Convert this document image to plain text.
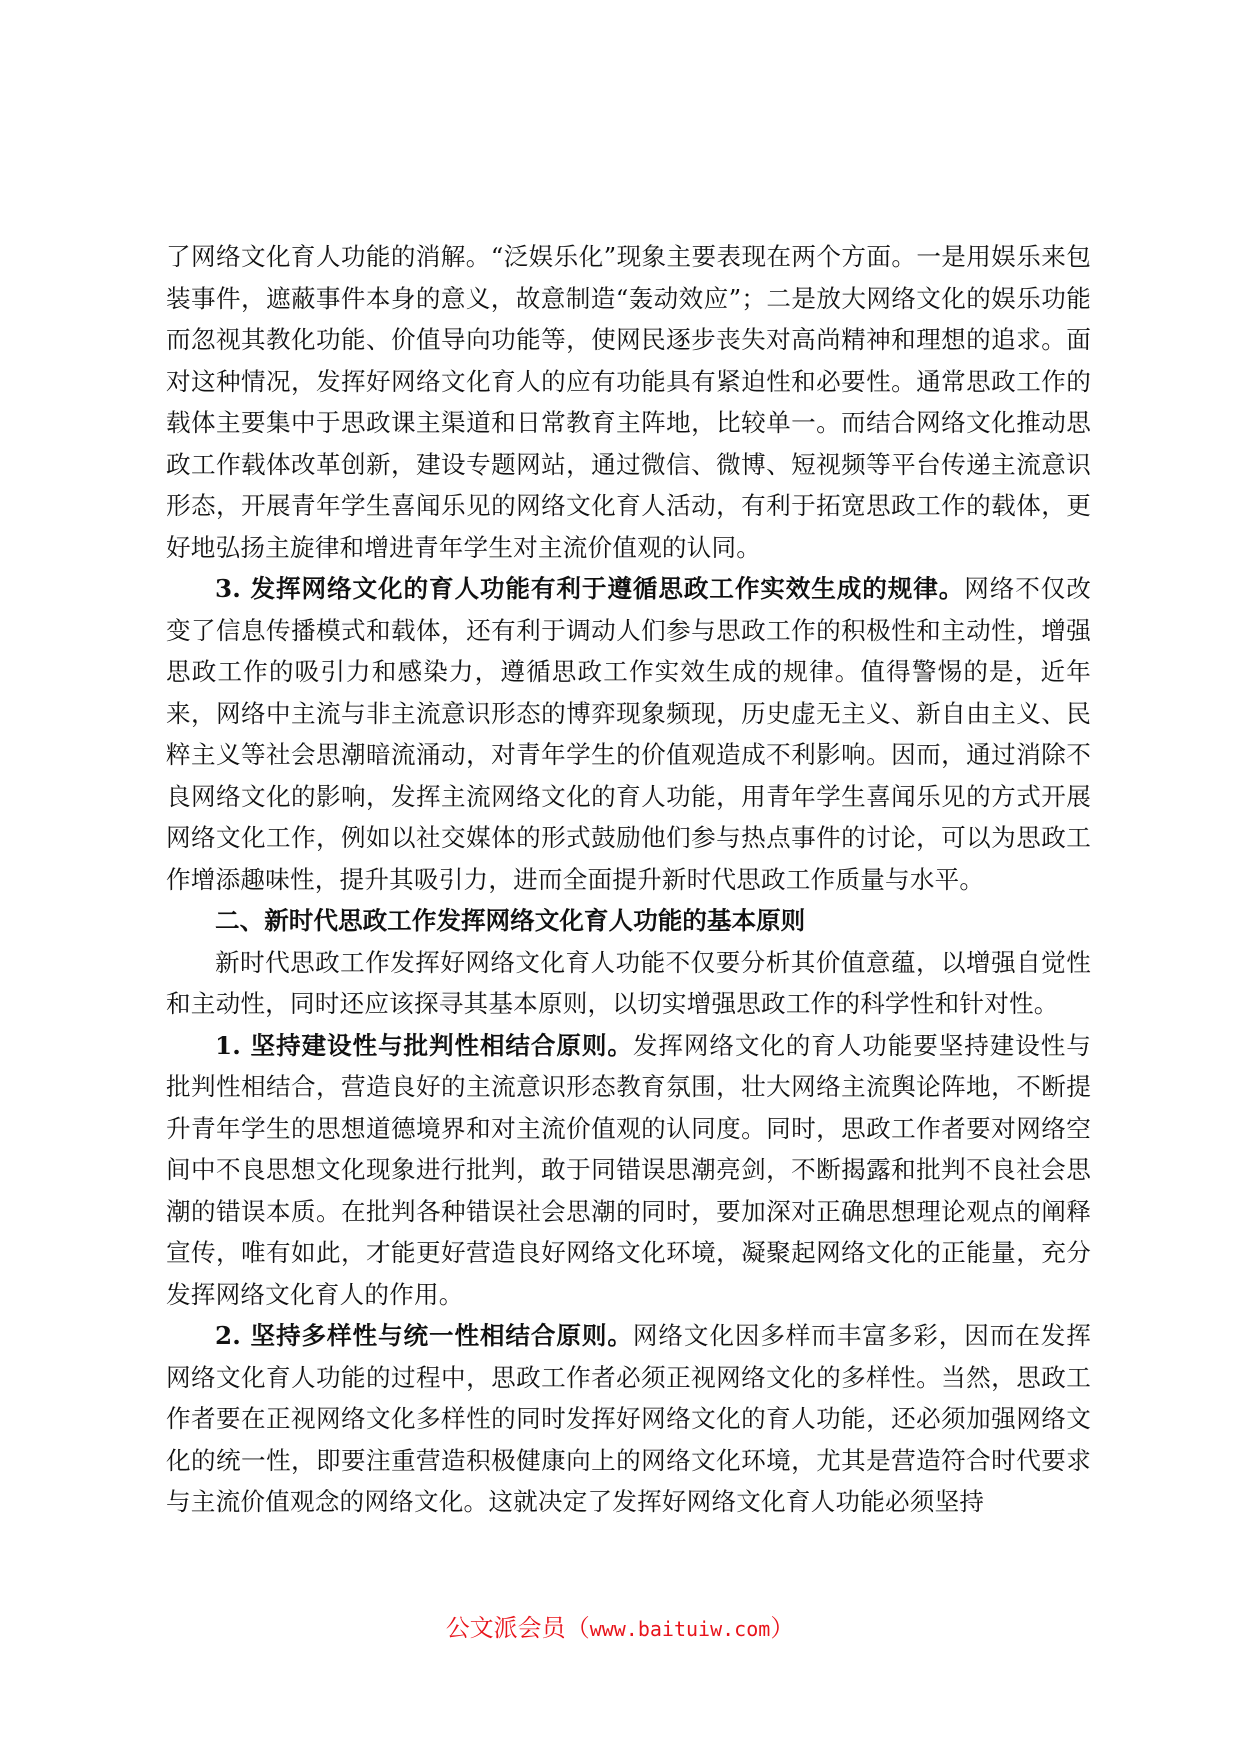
了网络文化育人功能的消解。“泛娱乐化”现象主要表现在两个方面。一是用娱乐来包装事件，遮蔽事件本身的意义，故意制造“轰动效应”；二是放大网络文化的娱乐功能而忽视其教化功能、价值导向功能等，使网民逐步丧失对高尚精神和理想的追求。面对这种情况，发挥好网络文化育人的应有功能具有紧迫性和必要性。通常思政工作的载体主要集中于思政课主渠道和日常教育主阵地，比较单一。而结合网络文化推动思政工作载体改革创新，建设专题网站，通过微信、微博、短视频等平台传递主流意识形态，开展青年学生喜闻乐见的网络文化育人活动，有利于拓宽思政工作的载体，更好地弘扬主旋律和增进青年学生对主流价值观的认同。

3. 发挥网络文化的育人功能有利于遵循思政工作实效生成的规律。网络不仅改变了信息传播模式和载体，还有利于调动人们参与思政工作的积极性和主动性，增强思政工作的吸引力和感染力，遵循思政工作实效生成的规律。值得警惕的是，近年来，网络中主流与非主流意识形态的博弈现象频现，历史虚无主义、新自由主义、民粹主义等社会思潮暗流涌动，对青年学生的价值观造成不利影响。因而，通过消除不良网络文化的影响，发挥主流网络文化的育人功能，用青年学生喜闻乐见的方式开展网络文化工作，例如以社交媒体的形式鼓励他们参与热点事件的讨论，可以为思政工作增添趣味性，提升其吸引力，进而全面提升新时代思政工作质量与水平。

二、新时代思政工作发挥网络文化育人功能的基本原则

新时代思政工作发挥好网络文化育人功能不仅要分析其价值意蕴，以增强自觉性和主动性，同时还应该探寻其基本原则，以切实增强思政工作的科学性和针对性。

1. 坚持建设性与批判性相结合原则。发挥网络文化的育人功能要坚持建设性与批判性相结合，营造良好的主流意识形态教育氛围，壮大网络主流舆论阵地，不断提升青年学生的思想道德境界和对主流价值观的认同度。同时，思政工作者要对网络空间中不良思想文化现象进行批判，敢于同错误思潮亮剑，不断揭露和批判不良社会思潮的错误本质。在批判各种错误社会思潮的同时，要加深对正确思想理论观点的阐释宣传，唯有如此，才能更好营造良好网络文化环境，凝聚起网络文化的正能量，充分发挥网络文化育人的作用。

2. 坚持多样性与统一性相结合原则。网络文化因多样而丰富多彩，因而在发挥网络文化育人功能的过程中，思政工作者必须正视网络文化的多样性。当然，思政工作者要在正视网络文化多样性的同时发挥好网络文化的育人功能，还必须加强网络文化的统一性，即要注重营造积极健康向上的网络文化环境，尤其是营造符合时代要求与主流价值观念的网络文化。这就决定了发挥好网络文化育人功能必须坚持

公文派会员（www.baituiw.com）
